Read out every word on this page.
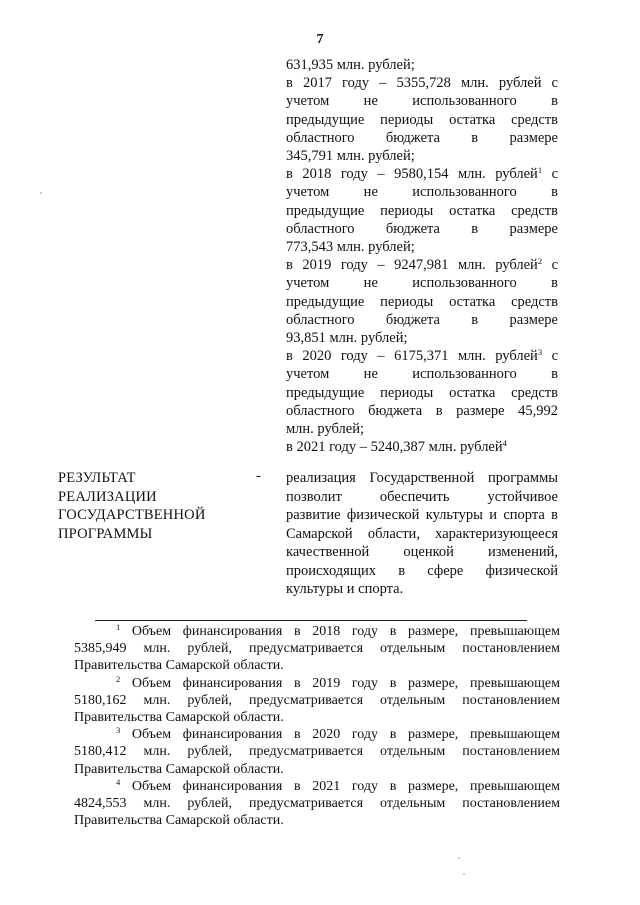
7
631,935 млн. рублей;
в 2017 году – 5355,728 млн. рублей с
учетом не использованного в
предыдущие периоды остатка средств
областного бюджета в размере
345,791 млн. рублей;
в 2018 году – 9580,154 млн. рублей$^1$ с
учетом не использованного в
предыдущие периоды остатка средств
областного бюджета в размере
773,543 млн. рублей;
в 2019 году – 9247,981 млн. рублей$^2$ с
учетом не использованного в
предыдущие периоды остатка средств
областного бюджета в размере
93,851 млн. рублей;
в 2020 году – 6175,371 млн. рублей$^3$ с
учетом не использованного в
предыдущие периоды остатка средств
областного бюджета в размере 45,992
млн. рублей;
в 2021 году – 5240,387 млн. рублей$^4$
РЕЗУЛЬТАТ
РЕАЛИЗАЦИИ
ГОСУДАРСТВЕННОЙ
ПРОГРАММЫ
- реализация Государственной программы
позволит обеспечить устойчивое
развитие физической культуры и спорта в
Самарской области, характеризующееся
качественной оценкой изменений,
происходящих в сфере физической
культуры и спорта.
$^1$ Объем финансирования в 2018 году в размере, превышающем
5385,949 млн. рублей, предусматривается отдельным постановлением
Правительства Самарской области.
$^2$ Объем финансирования в 2019 году в размере, превышающем
5180,162 млн. рублей, предусматривается отдельным постановлением
Правительства Самарской области.
$^3$ Объем финансирования в 2020 году в размере, превышающем
5180,412 млн. рублей, предусматривается отдельным постановлением
Правительства Самарской области.
$^4$ Объем финансирования в 2021 году в размере, превышающем
4824,553 млн. рублей, предусматривается отдельным постановлением
Правительства Самарской области.
